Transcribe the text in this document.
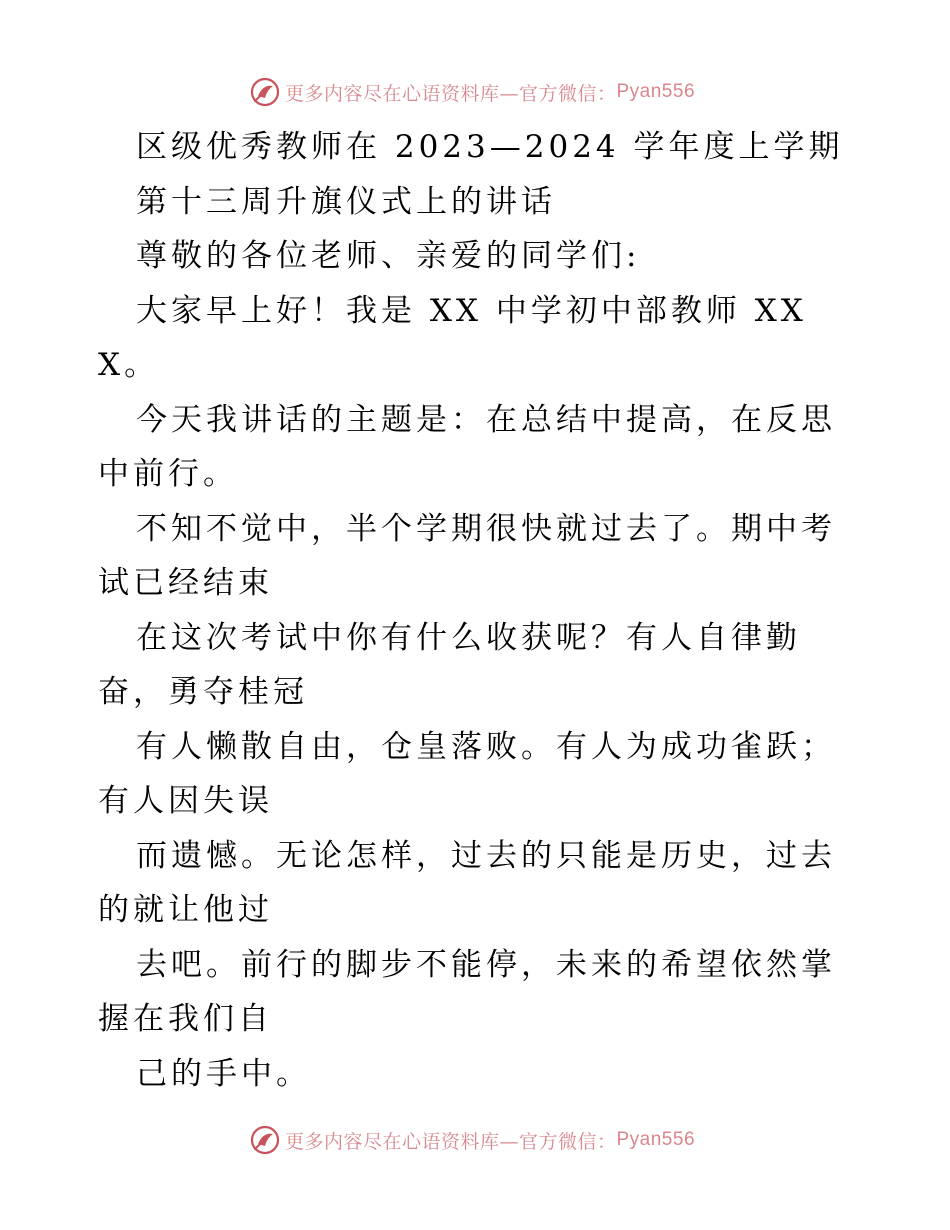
更多内容尽在心语资料库—官方微信： Pyan556

区级优秀教师在 2023—2024 学年度上学期

第十三周升旗仪式上的讲话

尊敬的各位老师、亲爱的同学们:

大家早上好！我是 XX 中学初中部教师 XXX。

今天我讲话的主题是：在总结中提高，在反思中前行。

不知不觉中，半个学期很快就过去了。期中考试已经结束

在这次考试中你有什么收获呢？有人自律勤奋，勇夺桂冠

有人懒散自由，仓皇落败。有人为成功雀跃；有人因失误

而遗憾。无论怎样，过去的只能是历史，过去的就让他过

去吧。前行的脚步不能停，未来的希望依然掌握在我们自

己的手中。

更多内容尽在心语资料库—官方微信： Pyan556
